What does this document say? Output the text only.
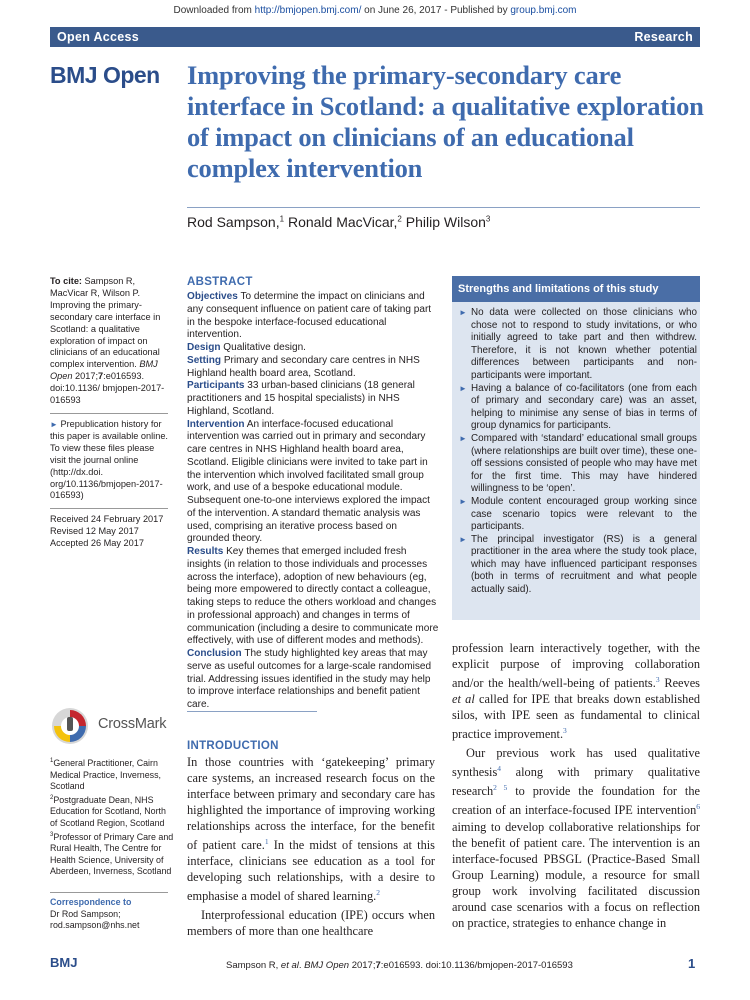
Downloaded from http://bmjopen.bmj.com/ on June 26, 2017 - Published by group.bmj.com
Open Access	Research
BMJ Open Improving the primary-secondary care interface in Scotland: a qualitative exploration of impact on clinicians of an educational complex intervention
Rod Sampson,$^1$ Ronald MacVicar,$^2$ Philip Wilson$^3$

To cite: Sampson R, MacVicar R, Wilson P. Improving the primary-secondary care interface in Scotland: a qualitative exploration of impact on clinicians of an educational complex intervention. BMJ Open 2017;7:e016593. doi:10.1136/ bmjopen-2017-016593

► Prepublication history for this paper is available online. To view these files please visit the journal online (http://dx.doi. org/10.1136/bmjopen-2017-016593)

Received 24 February 2017

Revised 12 May 2017

Accepted 26 May 2017

CrossMark

$^1$General Practitioner, Cairn Medical Practice, Inverness, Scotland

$^2$Postgraduate Dean, NHS Education for Scotland, North of Scotland Region, Scotland

$^3$Professor of Primary Care and Rural Health, The Centre for Health Science, University of Aberdeen, Inverness, Scotland

Correspondence to

Dr Rod Sampson;

rod.sampson@nhs.net

ABSTRACT

Objectives To determine the impact on clinicians and any consequent influence on patient care of taking part in the bespoke interface-focused educational intervention.

Design Qualitative design.

Setting Primary and secondary care centres in NHS Highland health board area, Scotland.

Participants 33 urban-based clinicians (18 general practitioners and 15 hospital specialists) in NHS Highland, Scotland.

Intervention An interface-focused educational intervention was carried out in primary and secondary care centres in NHS Highland health board area, Scotland. Eligible clinicians were invited to take part in the intervention which involved facilitated small group work, and use of a bespoke educational module. Subsequent one-to-one interviews explored the impact of the intervention. A standard thematic analysis was used, comprising an iterative process based on grounded theory.

Results Key themes that emerged included fresh insights (in relation to those individuals and processes across the interface), adoption of new behaviours (eg, being more empowered to directly contact a colleague, taking steps to reduce the others workload and changes in professional approach) and changes in terms of communication (including a desire to communicate more effectively, with use of different modes and methods).

Conclusion The study highlighted key areas that may serve as useful outcomes for a large-scale randomised trial. Addressing issues identified in the study may help to improve interface relationships and benefit patient care.

INTRODUCTION

In those countries with ‘gatekeeping’ primary care systems, an increased research focus on the interface between primary and secondary care has highlighted the importance of improving working relationships across the interface, for the benefit of patient care.$^1$ In the midst of tensions at this interface, clinicians see education as a tool for developing such relationships, with a desire to emphasise a model of shared learning.$^2$

Interprofessional education (IPE) occurs when members of more than one healthcare

Strengths and limitations of this study
► No data were collected on those clinicians who chose not to respond to study invitations, or who initially agreed to take part and then withdrew. Therefore, it is not known whether potential differences between participants and non-participants were important.
► Having a balance of co-facilitators (one from each of primary and secondary care) was an asset, helping to minimise any sense of bias in terms of group dynamics for participants.
► Compared with ‘standard’ educational small groups (where relationships are built over time), these one-off sessions consisted of people who may have met for the first time. This may have hindered willingness to be ‘open’.
► Module content encouraged group working since case scenario topics were relevant to the participants.
► The principal investigator (RS) is a general practitioner in the area where the study took place, which may have influenced participant responses (both in terms of recruitment and what people actually said).

profession learn interactively together, with the explicit purpose of improving collaboration and/or the health/well-being of patients.$^3$ Reeves et al called for IPE that breaks down established silos, with IPE seen as fundamental to clinical practice improvement.$^3$

Our previous work has used qualitative synthesis$^4$ along with primary qualitative research$^{2 5}$ to provide the foundation for the creation of an interface-focused IPE intervention$^6$ aiming to develop collaborative relationships for the benefit of patient care. The intervention is an interface-focused PBSGL (Practice-Based Small Group Learning) module, a resource for small group work involving facilitated discussion around case scenarios with a focus on reflection on practice, strategies to enhance change in

BMJ	Sampson R, et al. BMJ Open 2017;7:e016593. doi:10.1136/bmjopen-2017-016593	1
